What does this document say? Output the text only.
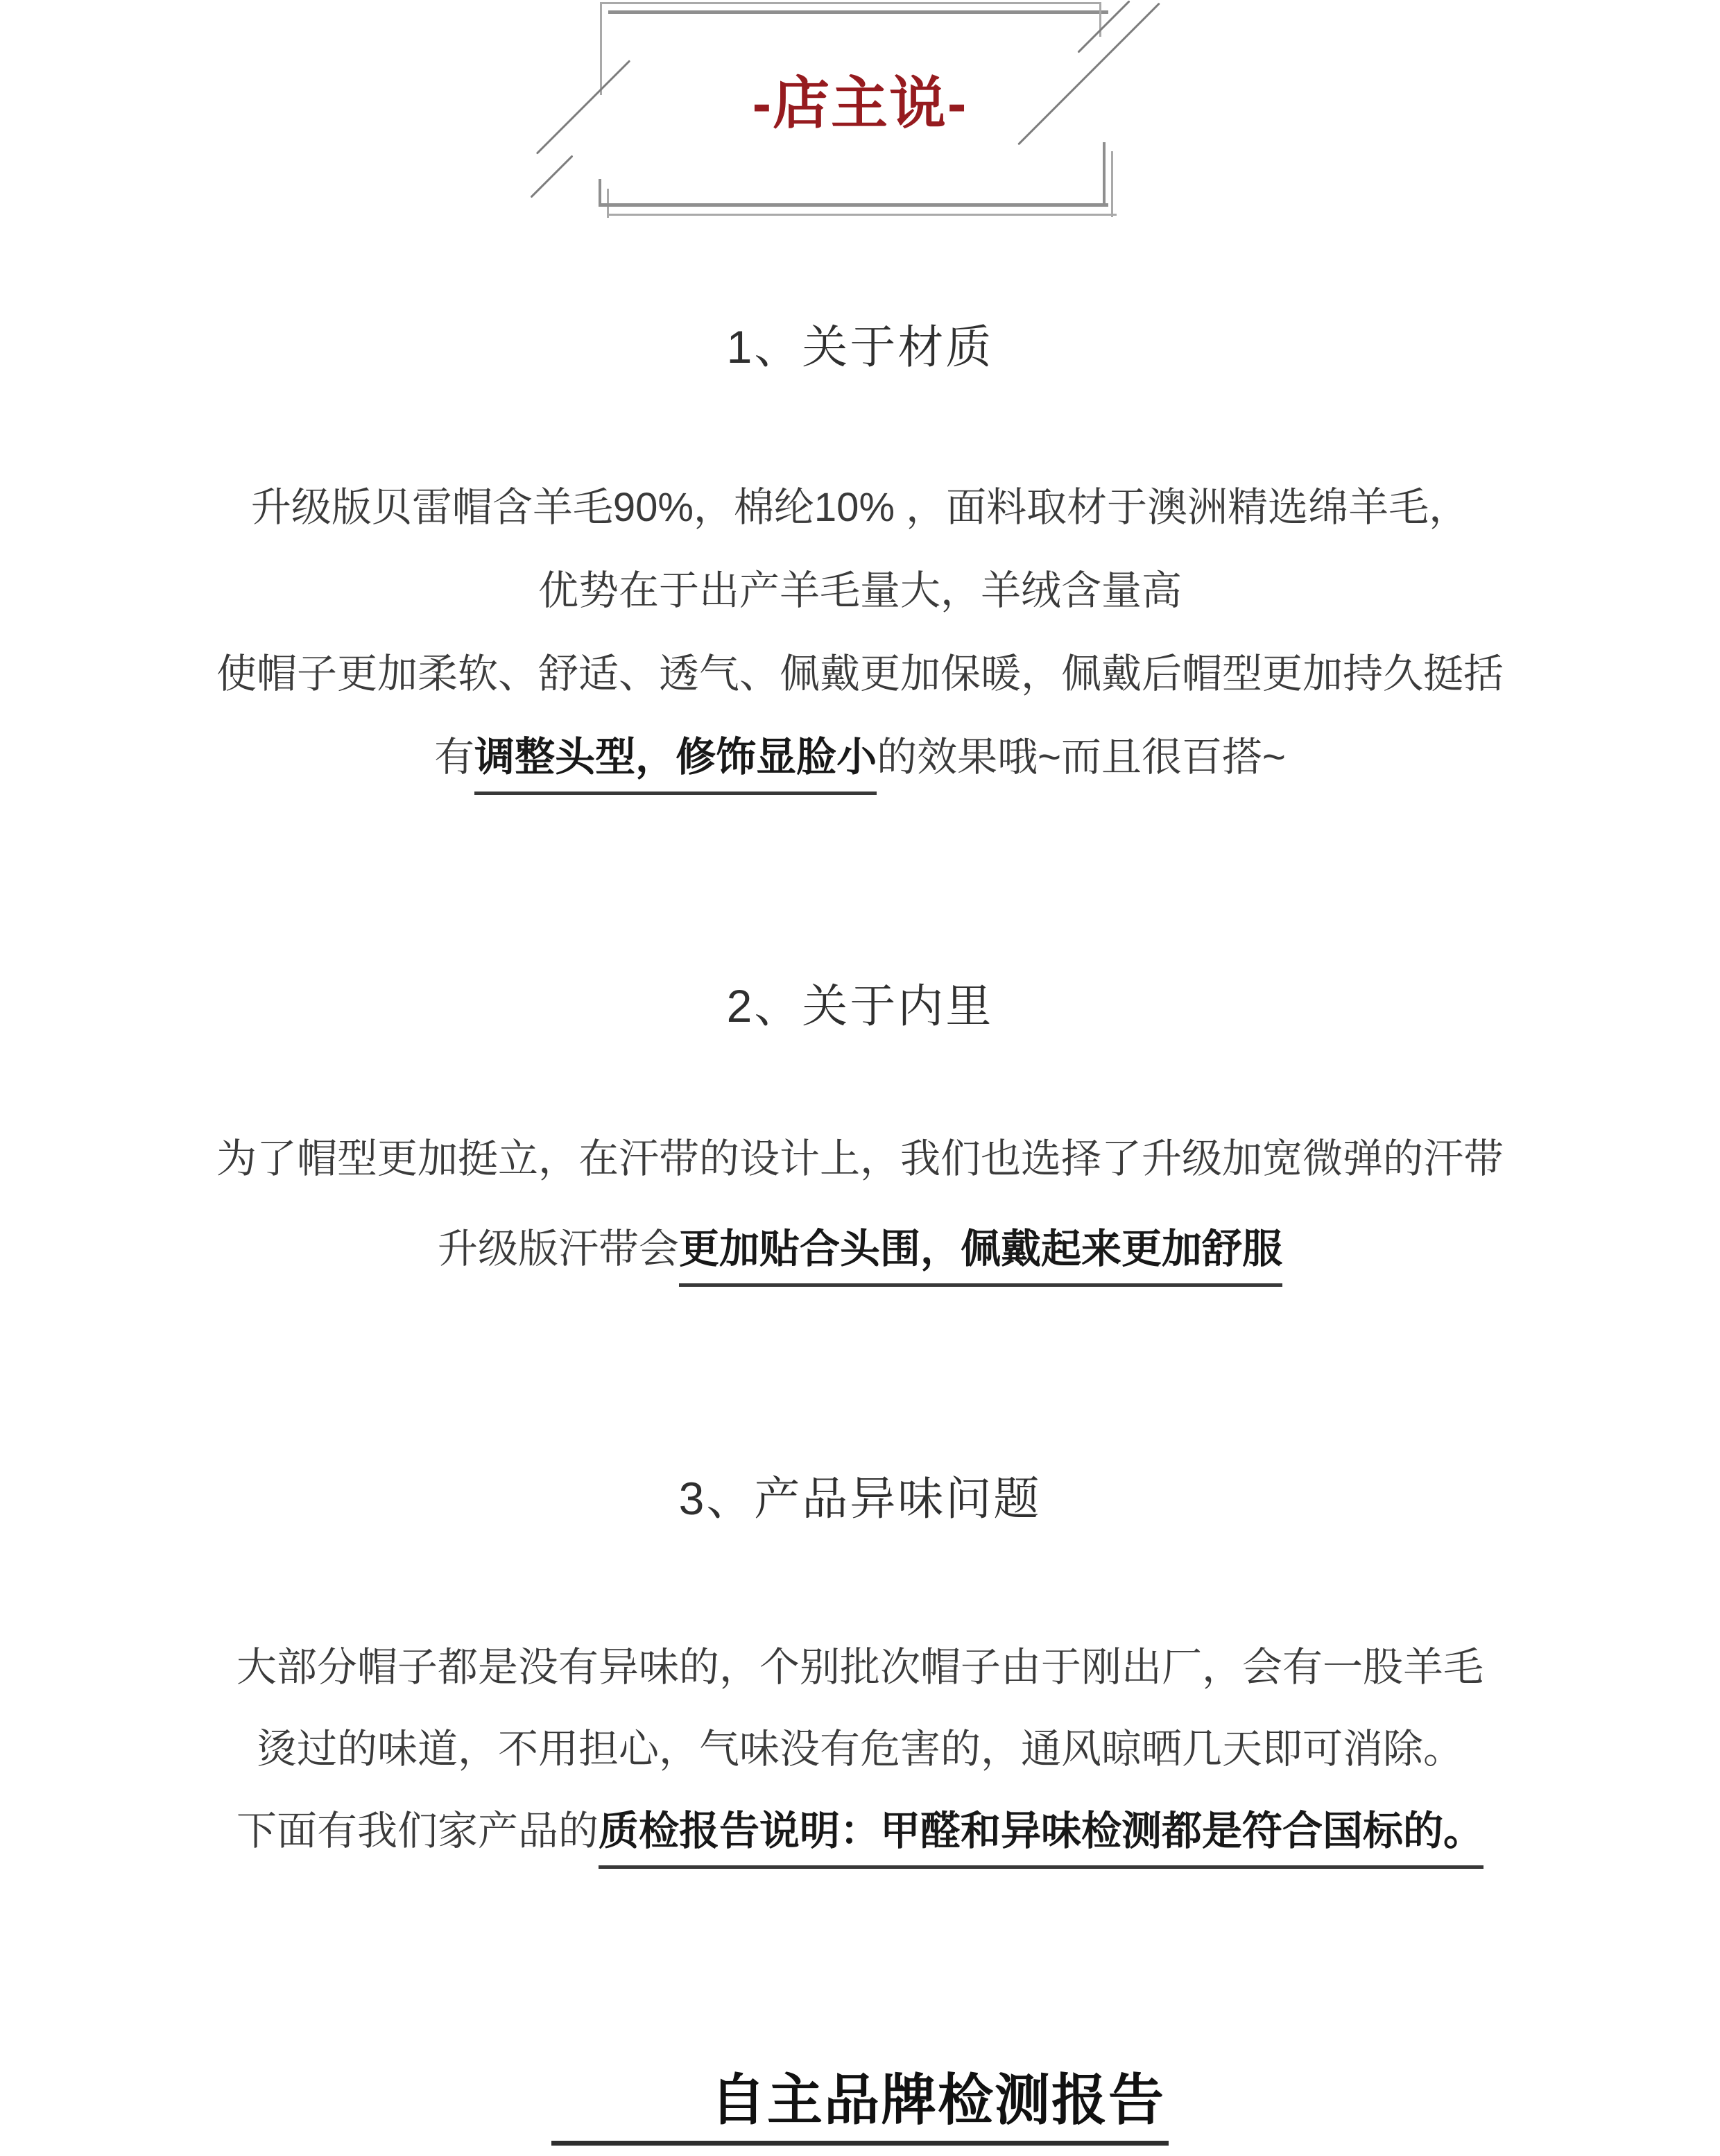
-店主说-
1、关于材质
升级版贝雷帽含羊毛90%，棉纶10% ，面料取材于澳洲精选绵羊毛，
优势在于出产羊毛量大，羊绒含量高
使帽子更加柔软、舒适、透气、佩戴更加保暖，佩戴后帽型更加持久挺括
有调整头型，修饰显脸小的效果哦~而且很百搭~
2、关于内里
为了帽型更加挺立，在汗带的设计上，我们也选择了升级加宽微弹的汗带
升级版汗带会更加贴合头围，佩戴起来更加舒服
3、产品异味问题
大部分帽子都是没有异味的，个别批次帽子由于刚出厂，会有一股羊毛
烫过的味道，不用担心，气味没有危害的，通风晾晒几天即可消除。
下面有我们家产品的质检报告说明：甲醛和异味检测都是符合国标的。
自主品牌检测报告
